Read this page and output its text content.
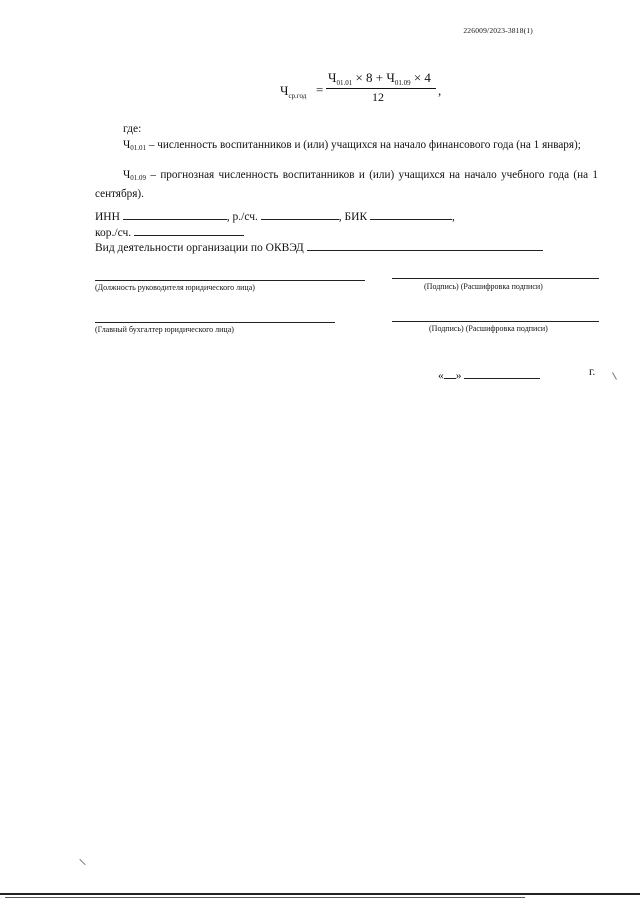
226009/2023-3818(1)
$Ч_{ср.год}$ =
$Ч_{01.01} \times 8 + Ч_{01.09} \times 4$
12	,
где:
$Ч_{01.01}$ – численность воспитанников и (или) учащихся на начало финансового года (на 1 января);
$Ч_{01.09}$ – прогнозная численность воспитанников и (или) учащихся на начало учебного года (на 1 сентября).
ИНН	, р./сч.	, БИК	,
кор./сч.
Вид деятельности организации по ОКВЭД
(Должность руководителя юридического лица)	(Подпись) (Расшифровка подписи)
(Главный бухгалтер юридического лица)	(Подпись) (Расшифровка подписи)
« »	г.
